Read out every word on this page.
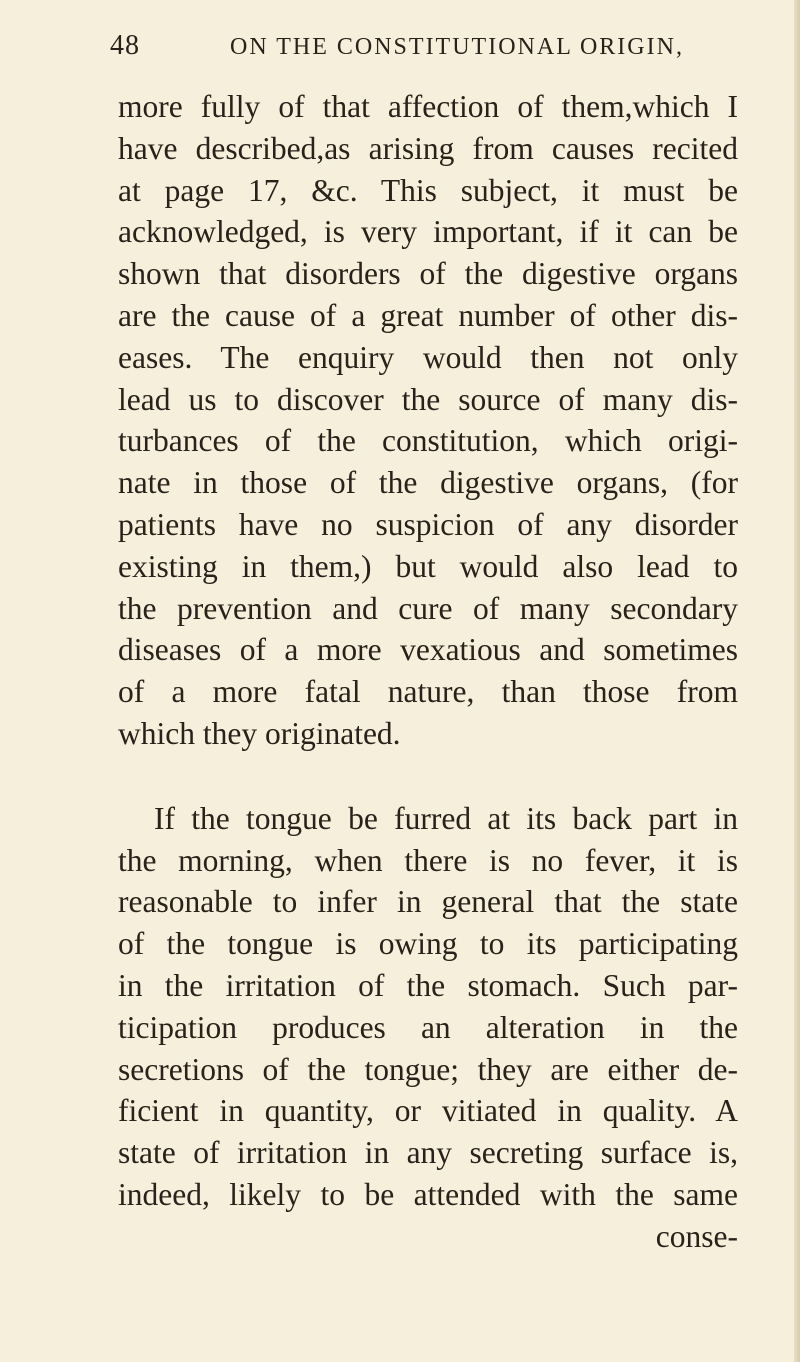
48	ON THE CONSTITUTIONAL ORIGIN,
more fully of that affection of them,which I
have described,as arising from causes recited
at page 17, &c. This subject, it must be
acknowledged, is very important, if it can be
shown that disorders of the digestive organs
are the cause of a great number of other dis-
eases. The enquiry would then not only
lead us to discover the source of many dis-
turbances of the constitution, which origi-
nate in those of the digestive organs, (for
patients have no suspicion of any disorder
existing in them,) but would also lead to
the prevention and cure of many secondary
diseases of a more vexatious and sometimes
of a more fatal nature, than those from
which they originated.
If the tongue be furred at its back part in
the morning, when there is no fever, it is
reasonable to infer in general that the state
of the tongue is owing to its participating
in the irritation of the stomach. Such par-
ticipation produces an alteration in the
secretions of the tongue; they are either de-
ficient in quantity, or vitiated in quality. A
state of irritation in any secreting surface is,
indeed, likely to be attended with the same
conse-
